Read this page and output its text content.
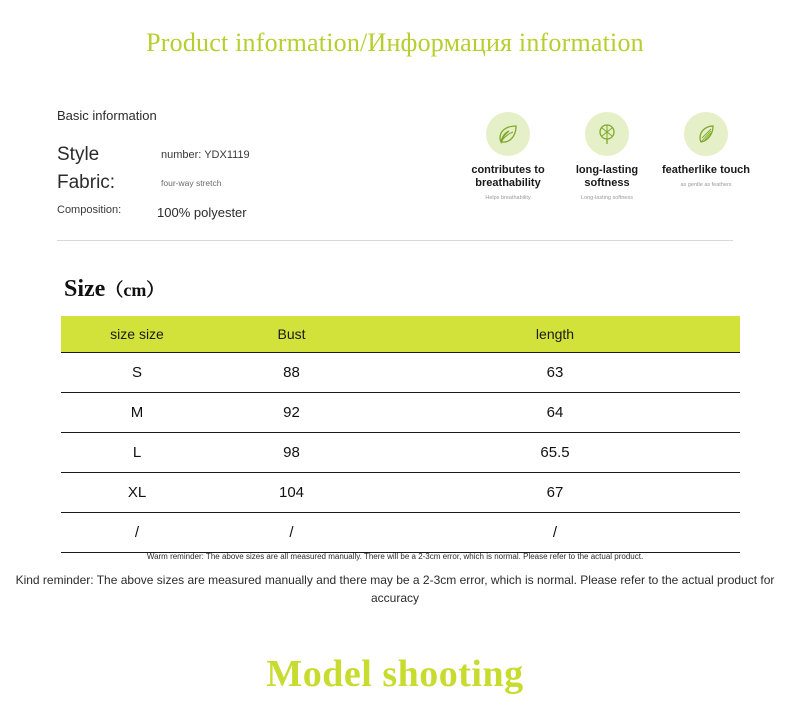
Product information/Информация information
Basic information
Style	number: YDX1119
Fabric:	four-way stretch
Composition:	100% polyester
contributes to breathability
Helps breathability
long-lasting softness
Long-lasting softness
featherlike touch
as gentle as feathers
Size（cm）
size size	Bust	length
S	88	63
M	92	64
L	98	65.5
XL	104	67
/	/	/
Warm reminder: The above sizes are all measured manually. There will be a 2-3cm error, which is normal. Please refer to the actual product.
Kind reminder: The above sizes are measured manually and there may be a 2-3cm error, which is normal. Please refer to the actual product for accuracy
Model shooting
